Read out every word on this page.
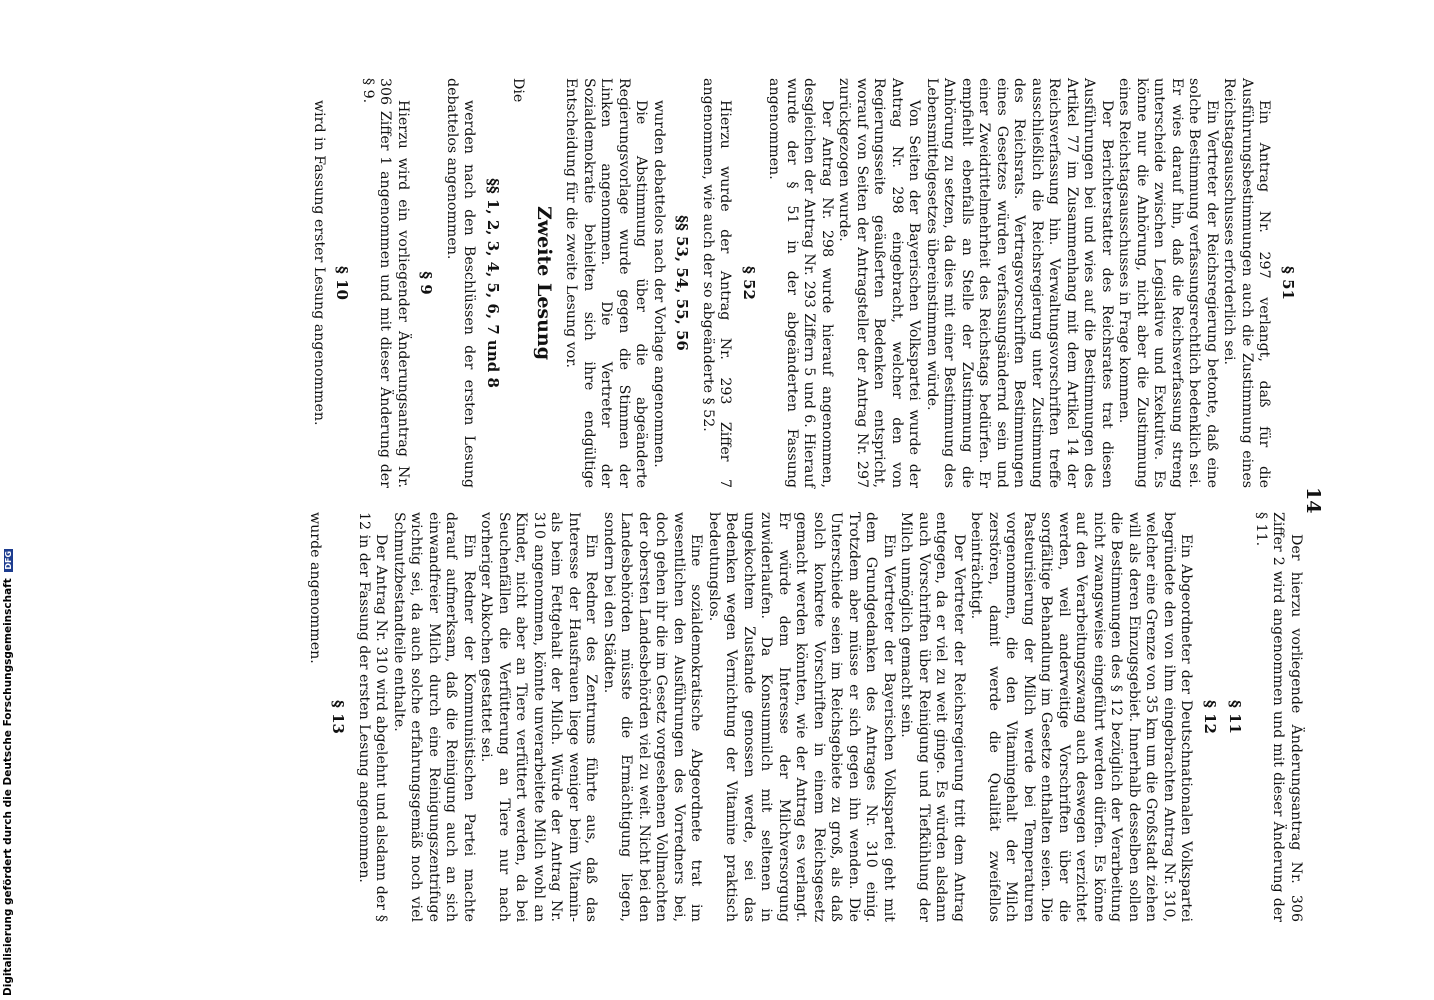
14
§ 51

Ein Antrag Nr. 297 verlangt, daß für die Ausführungsbestimmungen auch die Zustimmung eines Reichstagsausschusses erforderlich sei.

Ein Vertreter der Reichsregierung betonte, daß eine solche Bestimmung verfassungsrechtlich bedenklich sei. Er wies darauf hin, daß die Reichsverfassung streng unterscheide zwischen Legislative und Exekutive. Es könne nur die Anhörung, nicht aber die Zustimmung eines Reichstagsausschusses in Frage kommen.

Der Berichterstatter des Reichsrates trat diesen Ausführungen bei und wies auf die Bestimmungen des Artikel 77 im Zusammenhang mit dem Artikel 14 der Reichsverfassung hin. Verwaltungsvorschriften treffe ausschließlich die Reichsregierung unter Zustimmung des Reichsrats. Vertragsvorschriften Bestimmungen eines Gesetzes würden verfassungsändernd sein und einer Zweidrittelmehrheit des Reichstags bedürfen. Er empfiehlt ebenfalls an Stelle der Zustimmung die Anhörung zu setzen, da dies mit einer Bestimmung des Lebensmittelgesetzes übereinstimmen würde.

Von Seiten der Bayerischen Volkspartei wurde der Antrag Nr. 298 eingebracht, welcher den von Regierungsseite geäußerten Bedenken entspricht, worauf von Seiten der Antragsteller der Antrag Nr. 297 zurückgezogen wurde.

Der Antrag Nr. 298 wurde hierauf angenommen, desgleichen der Antrag Nr. 293 Ziffern 5 und 6. Hierauf wurde der § 51 in der abgeänderten Fassung angenommen.

§ 52

Hierzu wurde der Antrag Nr. 293 Ziffer 7 angenommen, wie auch der so abgeänderte § 52.

§§ 53, 54, 55, 56

wurden debattelos nach der Vorlage angenommen.

Die Abstimmung über die abgeänderte Regierungsvorlage wurde gegen die Stimmen der Linken angenommen. Die Vertreter der Sozialdemokratie behielten sich ihre endgültige Entscheidung für die zweite Lesung vor.

Zweite Lesung

Die

§§ 1, 2, 3, 4, 5, 6, 7 und 8

werden nach den Beschlüssen der ersten Lesung debattelos angenommen.

§ 9

Hierzu wird ein vorliegender Änderungsantrag Nr. 306 Ziffer 1 angenommen und mit dieser Änderung der § 9.

§ 10

wird in Fassung erster Lesung angenommen.

Der hierzu vorliegende Änderungsantrag Nr. 306 Ziffer 2 wird angenommen und mit dieser Änderung der § 11.

§ 11
§ 12

Ein Abgeordneter der Deutschnationalen Volkspartei begründete den von ihm eingebrachten Antrag Nr. 310, welcher eine Grenze von 35 km um die Großstadt ziehen will als deren Einzugsgebiet. Innerhalb desselben sollen die Bestimmungen des § 12 bezüglich der Verarbeitung nicht zwangsweise eingeführt werden dürfen. Es könne auf den Verarbeitungszwang auch deswegen verzichtet werden, weil anderweitige Vorschriften über die sorgfältige Behandlung im Gesetze enthalten seien. Die Pasteurisierung der Milch werde bei Temperaturen vorgenommen, die den Vitamingehalt der Milch zerstören, damit werde die Qualität zweifellos beeinträchtigt.

Der Vertreter der Reichsregierung tritt dem Antrag entgegen, da er viel zu weit ginge. Es würden alsdann auch Vorschriften über Reinigung und Tiefkühlung der Milch unmöglich gemacht sein.

Ein Vertreter der Bayerischen Volkspartei geht mit dem Grundgedanken des Antrages Nr. 310 einig. Trotzdem aber müsse er sich gegen ihn wenden. Die Unterschiede seien im Reichsgebiete zu groß, als daß solch konkrete Vorschriften in einem Reichsgesetz gemacht werden könnten, wie der Antrag es verlangt. Er würde dem Interesse der Milchversorgung zuwiderlaufen. Da Konsummilch mit seltenen in ungekochtem Zustande genossen werde, sei das Bedenken wegen Vernichtung der Vitamine praktisch bedeutungslos.

Eine sozialdemokratische Abgeordnete trat im wesentlichen den Ausführungen des Vorredners bei, doch gehen ihr die im Gesetz vorgesehenen Vollmachten der obersten Landesbehörden viel zu weit. Nicht bei den Landesbehörden müsste die Ermächtigung liegen, sondern bei den Städten.

Ein Redner des Zentrums führte aus, daß das Interesse der Hausfrauen liege weniger beim Vitamin- als beim Fettgehalt der Milch. Würde der Antrag Nr. 310 angenommen, könnte unverarbeitete Milch wohl an Kinder, nicht aber an Tiere verfüttert werden, da bei Seuchenfällen die Verfütterung an Tiere nur nach vorheriger Abkochen gestattet sei.

Ein Redner der Kommunistischen Partei machte darauf aufmerksam, daß die Reinigung auch an sich einwandfreier Milch durch eine Reinigungszentrifuge wichtig sei, da auch solche erfahrungsgemäß noch viel Schmutzbestandteile enthalte.

Der Antrag Nr. 310 wird abgelehnt und alsdann der § 12 in der Fassung der ersten Lesung angenommen.

§ 13

wurde angenommen.

Digitalisierung gefördert durch die Deutsche Forschungsgemeinschaft DFG
